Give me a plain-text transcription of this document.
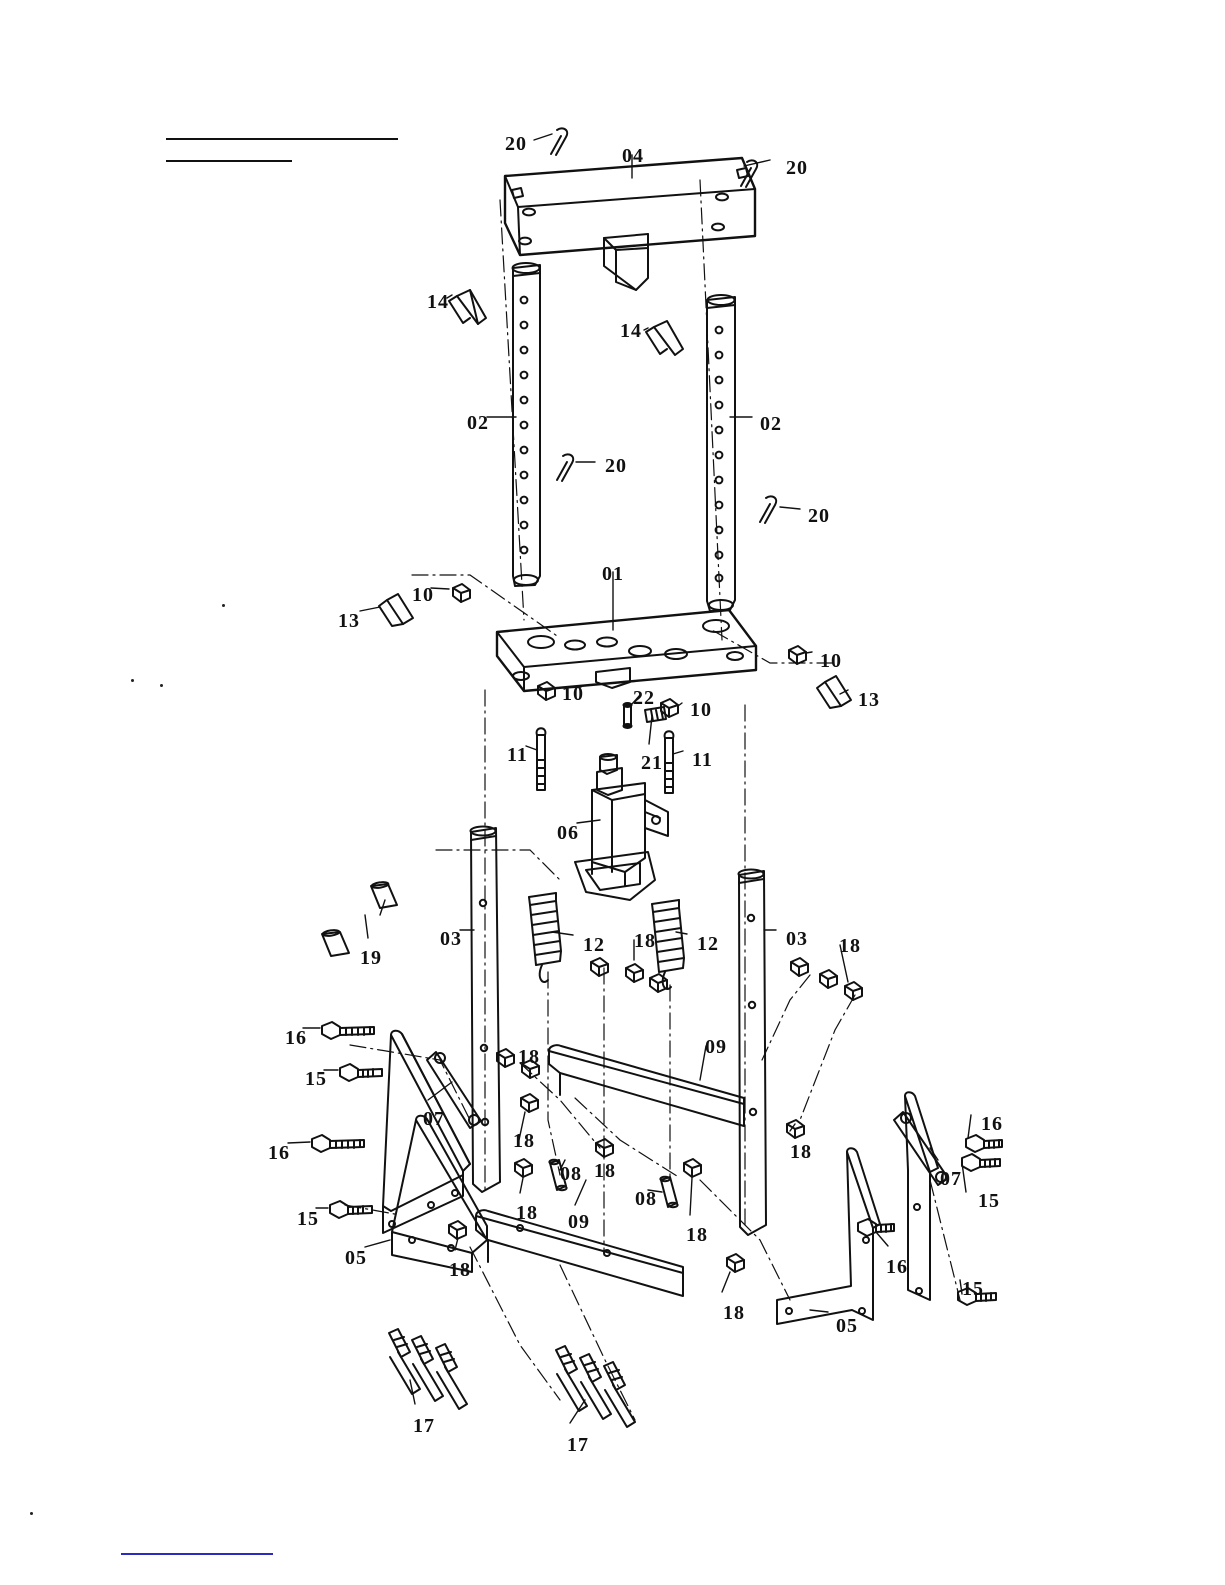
20
04
20
14
14
02	02
20
20
01
10
13
10
13
10 22
10
11	21 11
06
19
03	12 18 12	03 18
16
15
18	09
07
16
18
16
18
07
15
08 18
08	15
18 09
18
05
18	16
15
18
05
17
17
